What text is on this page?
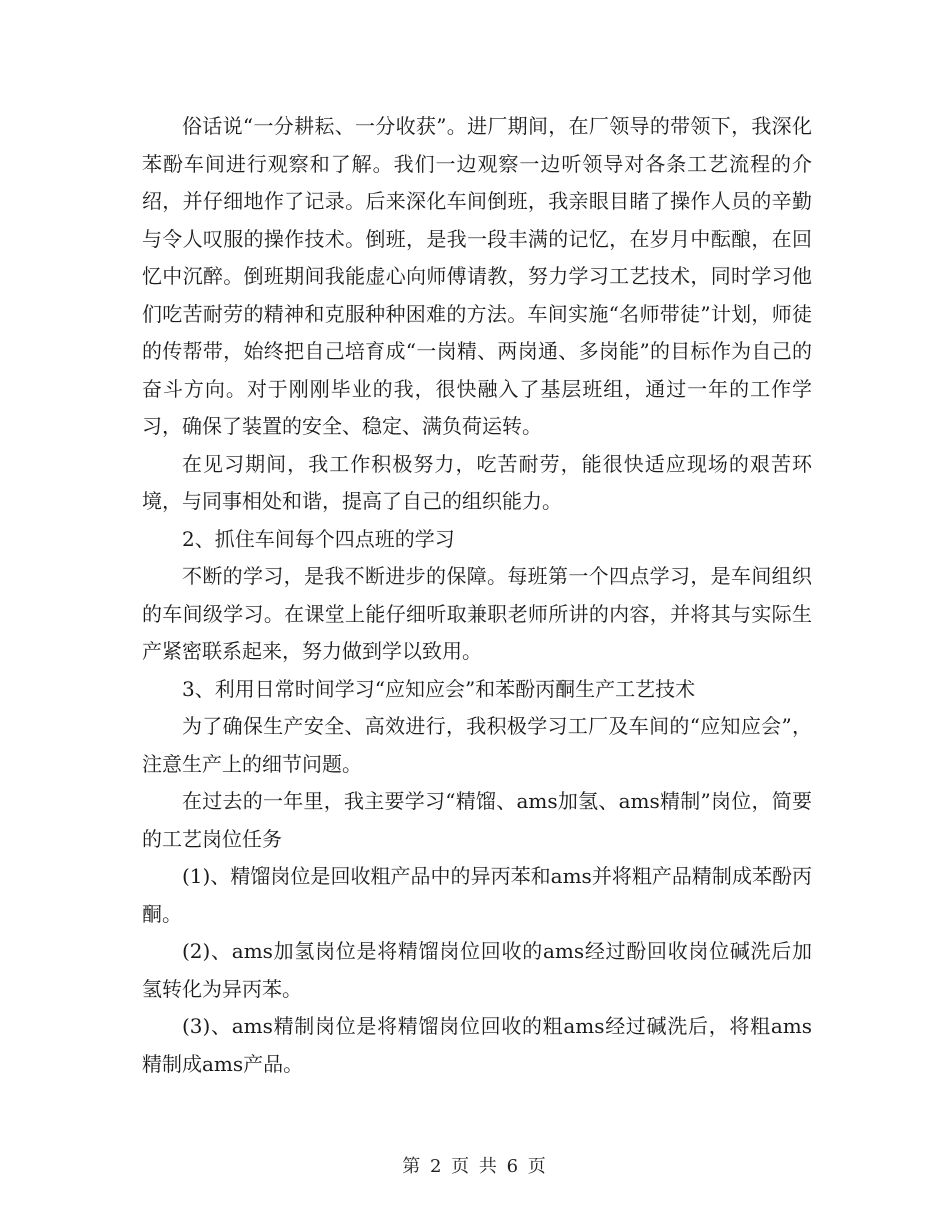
俗话说“一分耕耘、一分收获”。进厂期间，在厂领导的带领下，我深化苯酚车间进行观察和了解。我们一边观察一边听领导对各条工艺流程的介绍，并仔细地作了记录。后来深化车间倒班，我亲眼目睹了操作人员的辛勤与令人叹服的操作技术。倒班，是我一段丰满的记忆，在岁月中酝酿，在回忆中沉醉。倒班期间我能虚心向师傅请教，努力学习工艺技术，同时学习他们吃苦耐劳的精神和克服种种困难的方法。车间实施“名师带徒”计划，师徒的传帮带，始终把自己培育成“一岗精、两岗通、多岗能”的目标作为自己的奋斗方向。对于刚刚毕业的我，很快融入了基层班组，通过一年的工作学习，确保了装置的安全、稳定、满负荷运转。

在见习期间，我工作积极努力，吃苦耐劳，能很快适应现场的艰苦环境，与同事相处和谐，提高了自己的组织能力。

2、抓住车间每个四点班的学习

不断的学习，是我不断进步的保障。每班第一个四点学习，是车间组织的车间级学习。在课堂上能仔细听取兼职老师所讲的内容，并将其与实际生产紧密联系起来，努力做到学以致用。

3、利用日常时间学习“应知应会”和苯酚丙酮生产工艺技术

为了确保生产安全、高效进行，我积极学习工厂及车间的“应知应会”，注意生产上的细节问题。

在过去的一年里，我主要学习“精馏、ams加氢、ams精制”岗位，简要的工艺岗位任务

(1)、精馏岗位是回收粗产品中的异丙苯和ams并将粗产品精制成苯酚丙酮。

(2)、ams加氢岗位是将精馏岗位回收的ams经过酚回收岗位碱洗后加氢转化为异丙苯。

(3)、ams精制岗位是将精馏岗位回收的粗ams经过碱洗后，将粗ams精制成ams产品。

第 2 页 共 6 页
